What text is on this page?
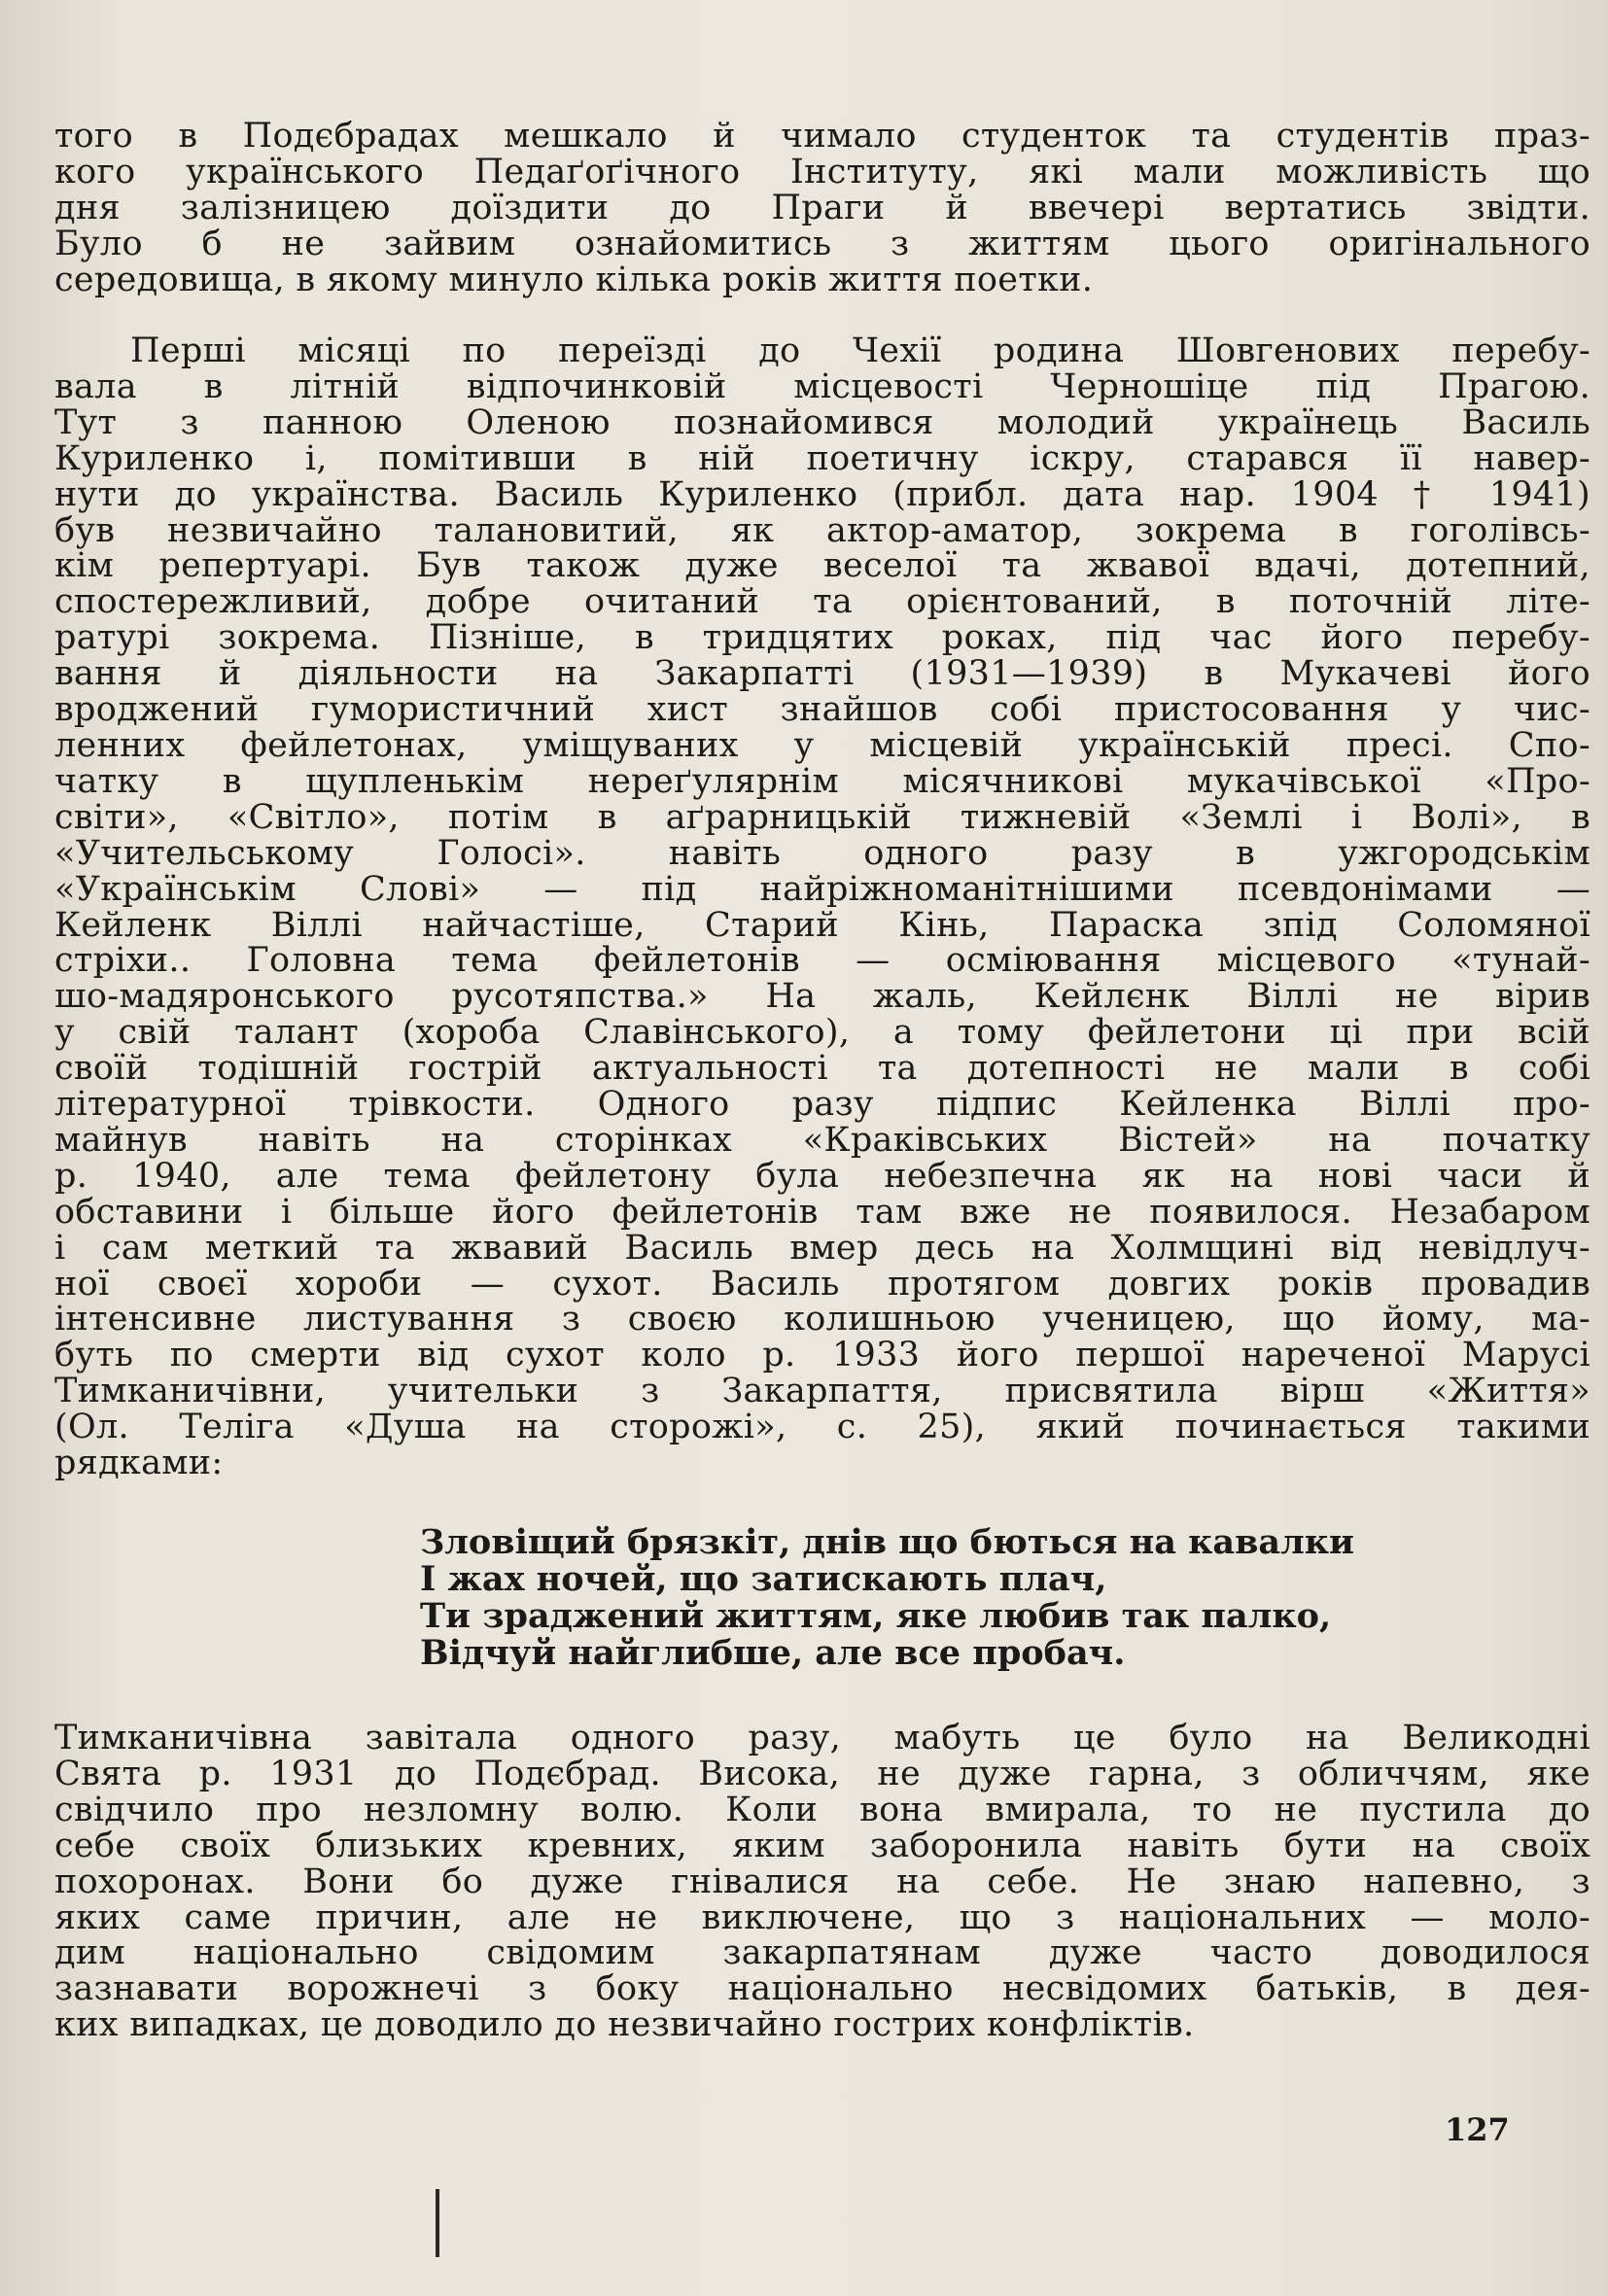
того в Подєбрадах мешкало й чимало студенток та студентів праз-
кого українського Педаґоґічного Інституту, які мали можливість що
дня залізницею доїздити до Праги й ввечері вертатись звідти.
Було б не зайвим ознайомитись з життям цього оригінального
середовища, в якому минуло кілька років життя поетки.
Перші місяці по переїзді до Чехії родина Шовгенових перебу-
вала в літній відпочинковій місцевості Черношіце під Прагою.
Тут з панною Оленою познайомився молодий українець Василь
Куриленко і, помітивши в ній поетичну іскру, старався її навер-
нути до українства. Василь Куриленко (прибл. дата нар. 1904 † 1941)
був незвичайно талановитий, як актор-аматор, зокрема в гоголівсь-
кім репертуарі. Був також дуже веселої та жвавої вдачі, дотепний,
спостережливий, добре очитаний та орієнтований, в поточній літе-
ратурі зокрема. Пізніше, в тридцятих роках, під час його перебу-
вання й діяльности на Закарпатті (1931—1939) в Мукачеві його
вроджений гумористичний хист знайшов собі пристосовання у чис-
ленних фейлетонах, уміщуваних у місцевій українській пресі. Спо-
чатку в щупленькім нереґулярнім місячникові мукачівської «Про-
світи», «Світло», потім в аґрарницькій тижневій «Землі і Волі», в
«Учительському Голосі». навіть одного разу в ужгородськім
«Українськім Слові» — під найріжноманітнішими псевдонімами —
Кейленк Віллі найчастіше, Старий Кінь, Параска зпід Соломяної
стріхи.. Головна тема фейлетонів — осміювання місцевого «тунай-
шо-мадяронського русотяпства.» На жаль, Кейлєнк Віллі не вірив
у свій талант (хороба Славінського), а тому фейлетони ці при всій
своїй тодішній гострій актуальності та дотепності не мали в собі
літературної трівкости. Одного разу підпис Кейленка Віллі про-
майнув навіть на сторінках «Краківських Вістей» на початку
р. 1940, але тема фейлетону була небезпечна як на нові часи й
обставини і більше його фейлетонів там вже не появилося. Незабаром
і сам меткий та жвавий Василь вмер десь на Холмщині від невідлуч-
ної своєї хороби — сухот. Василь протягом довгих років провадив
інтенсивне листування з своєю колишньою ученицею, що йому, ма-
буть по смерти від сухот коло р. 1933 його першої нареченої Марусі
Тимканичівни, учительки з Закарпаття, присвятила вірш «Життя»
(Ол. Теліга «Душа на сторожі», с. 25), який починається такими
рядками:
Зловіщий брязкіт, днів що бються на кавалки
І жах ночей, що затискають плач,
Ти зраджений життям, яке любив так палко,
Відчуй найглибше, але все пробач.
Тимканичівна завітала одного разу, мабуть це було на Великодні
Свята р. 1931 до Подєбрад. Висока, не дуже гарна, з обличчям, яке
свідчило про незломну волю. Коли вона вмирала, то не пустила до
себе своїх близьких кревних, яким заборонила навіть бути на своїх
похоронах. Вони бо дуже гнівалися на себе. Не знаю напевно, з
яких саме причин, але не виключене, що з національних — моло-
дим національно свідомим закарпатянам дуже часто доводилося
зазнавати ворожнечі з боку національно несвідомих батьків, в дея-
ких випадках, це доводило до незвичайно гострих конфліктів.
127
